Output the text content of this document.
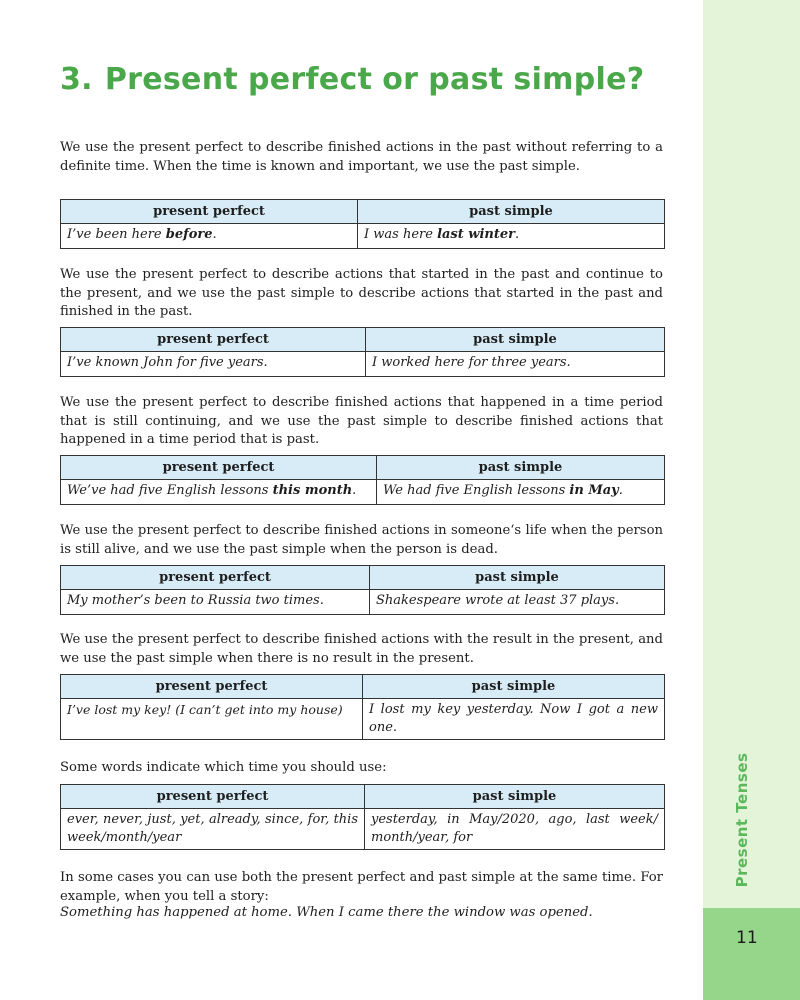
Present Tenses
11
3. Present perfect or past simple?

We use the present perfect to describe finished actions in the past without referring to a definite time. When the time is known and important, we use the past simple.

present perfect	past simple
I’ve been here before.	I was here last winter.

We use the present perfect to describe actions that started in the past and continue to the present, and we use the past simple to describe actions that started in the past and finished in the past.

present perfect	past simple
I’ve known John for five years.	I worked here for three years.

We use the present perfect to describe finished actions that happened in a time period that is still continuing, and we use the past simple to describe finished actions that happened in a time period that is past.

present perfect	past simple
We’ve had five English lessons this month.	We had five English lessons in May.

We use the present perfect to describe finished actions in someone‘s life when the person is still alive, and we use the past simple when the person is dead.

present perfect	past simple
My mother’s been to Russia two times.	Shakespeare wrote at least 37 plays.

We use the present perfect to describe finished actions with the result in the present, and we use the past simple when there is no result in the present.

present perfect	past simple
I’ve lost my key! (I can’t get into my house)	I lost my key yesterday. Now I got a new one.

Some words indicate which time you should use:

present perfect	past simple
ever, never, just, yet, already, since, for, this week/month/year	yesterday, in May/2020, ago, last week/ month/year, for

In some cases you can use both the present perfect and past simple at the same time. For example, when you tell a story:

Something has happened at home. When I came there the window was opened.
